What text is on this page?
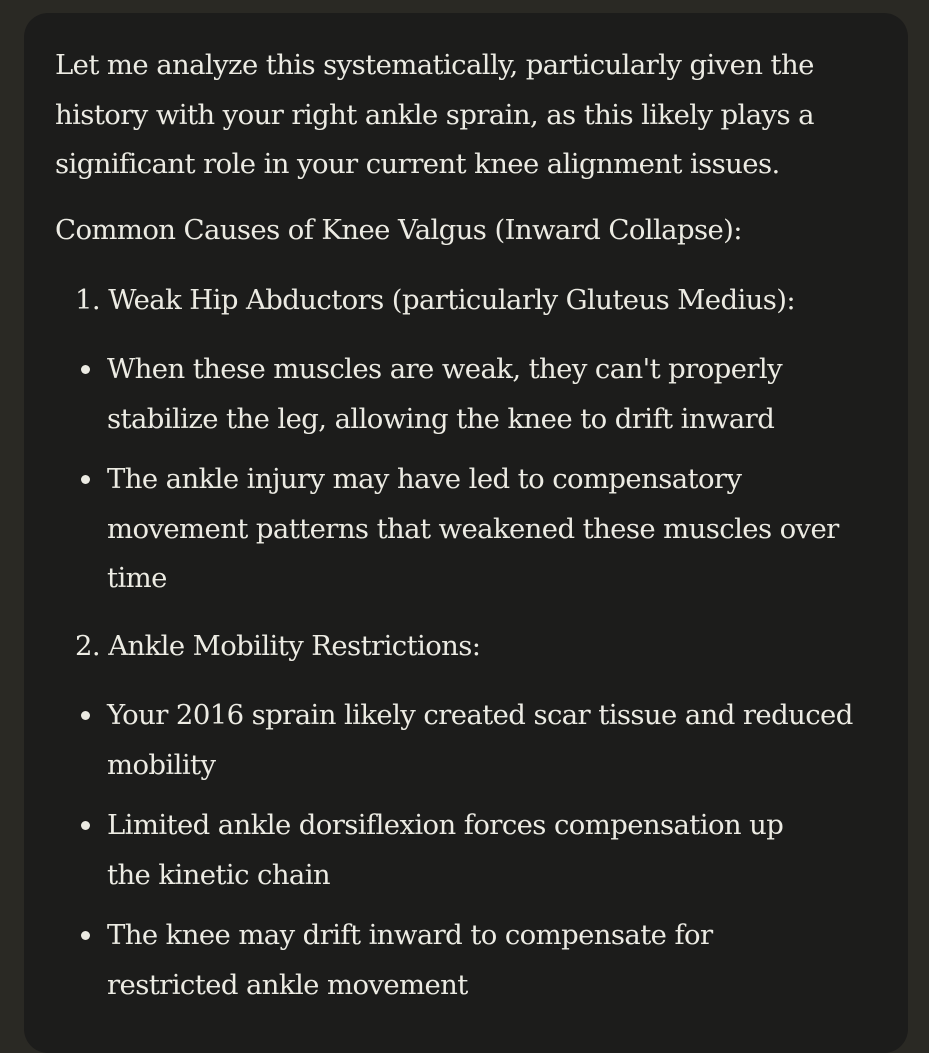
Let me analyze this systematically, particularly given the
history with your right ankle sprain, as this likely plays a
significant role in your current knee alignment issues.

Common Causes of Knee Valgus (Inward Collapse):

1. Weak Hip Abductors (particularly Gluteus Medius):
When these muscles are weak, they can't properly
stabilize the leg, allowing the knee to drift inward
The ankle injury may have led to compensatory
movement patterns that weakened these muscles over
time
2. Ankle Mobility Restrictions:
Your 2016 sprain likely created scar tissue and reduced
mobility
Limited ankle dorsiflexion forces compensation up
the kinetic chain
The knee may drift inward to compensate for
restricted ankle movement
